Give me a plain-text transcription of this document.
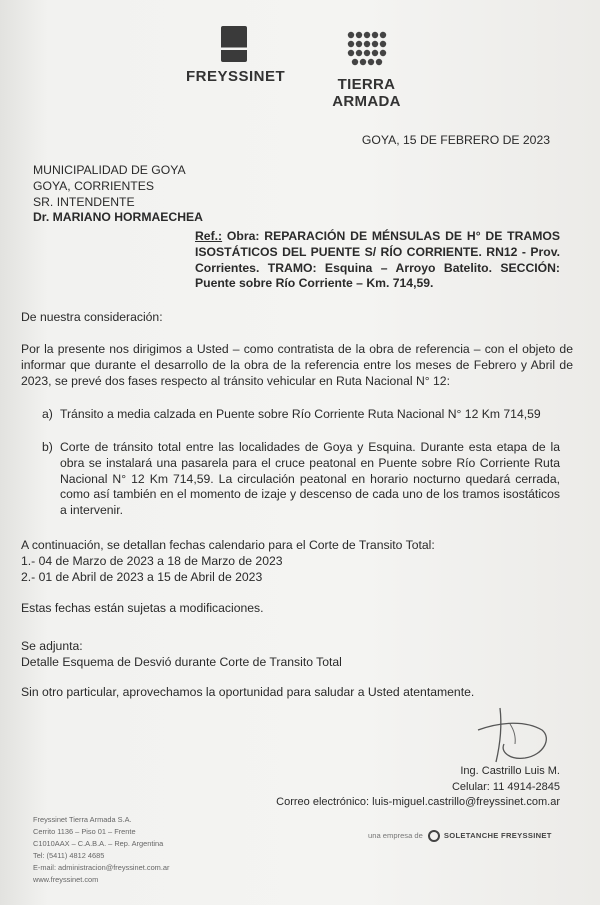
FREYSSINET	TIERRA ARMADA
GOYA, 15 DE FEBRERO DE 2023
MUNICIPALIDAD DE GOYA
GOYA, CORRIENTES
SR. INTENDENTE
Dr. MARIANO HORMAECHEA
Ref.: Obra: REPARACIÓN DE MÉNSULAS DE H° DE TRAMOS ISOSTÁTICOS DEL PUENTE S/ RÍO CORRIENTE. RN12 - Prov. Corrientes. TRAMO: Esquina – Arroyo Batelito. SECCIÓN: Puente sobre Río Corriente – Km. 714,59.
De nuestra consideración:
Por la presente nos dirigimos a Usted – como contratista de la obra de referencia – con el objeto de informar que durante el desarrollo de la obra de la referencia entre los meses de Febrero y Abril de 2023, se prevé dos fases respecto al tránsito vehicular en Ruta Nacional N° 12:
a) Tránsito a media calzada en Puente sobre Río Corriente Ruta Nacional N° 12 Km 714,59
b) Corte de tránsito total entre las localidades de Goya y Esquina. Durante esta etapa de la obra se instalará una pasarela para el cruce peatonal en Puente sobre Río Corriente Ruta Nacional N° 12 Km 714,59. La circulación peatonal en horario nocturno quedará cerrada, como así también en el momento de izaje y descenso de cada uno de los tramos isostáticos a intervenir.
A continuación, se detallan fechas calendario para el Corte de Transito Total:
1.- 04 de Marzo de 2023 a 18 de Marzo de 2023
2.- 01 de Abril de 2023 a 15 de Abril de 2023
Estas fechas están sujetas a modificaciones.
Se adjunta:
Detalle Esquema de Desvió durante Corte de Transito Total
Sin otro particular, aprovechamos la oportunidad para saludar a Usted atentamente.
Ing. Castrillo Luis M.
Celular: 11 4914-2845
Correo electrónico: luis-miguel.castrillo@freyssinet.com.ar
Freyssinet Tierra Armada S.A.
Cerrito 1136 – Piso 01 – Frente
C1010AAX – C.A.B.A. – Rep. Argentina
Tel: (5411) 4812 4685
E-mail: administracion@freyssinet.com.ar
www.freyssinet.com
una empresa de	SOLETANCHE FREYSSINET
